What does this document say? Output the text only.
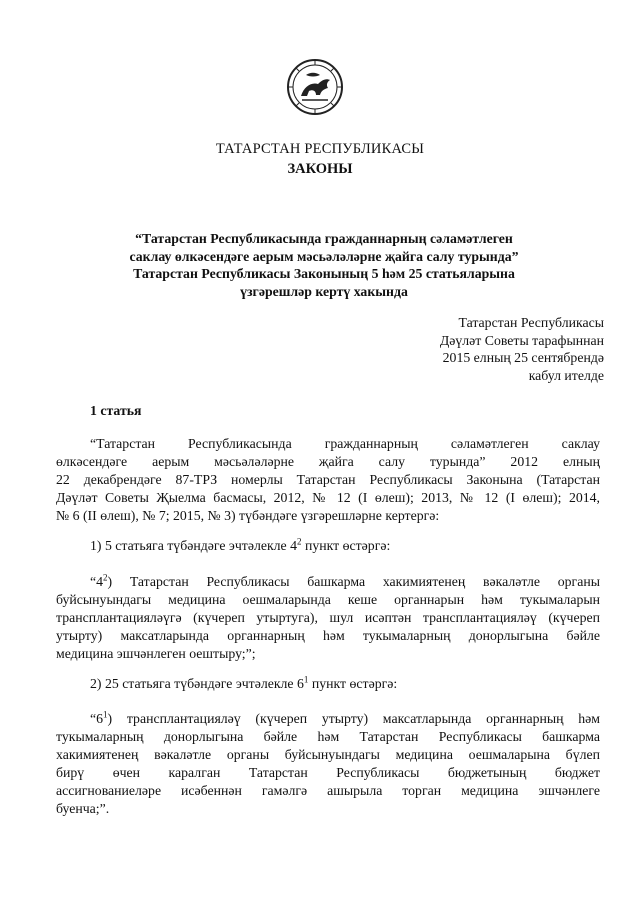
ТАТАРСТАН РЕСПУБЛИКАСЫ
ЗАКОНЫ
“Татарстан Республикасында гражданнарның сәламәтлеген
саклау өлкәсендәге аерым мәсьәләләрне җайга салу турында”
Татарстан Республикасы Законының 5 һәм 25 статьяларына
үзгәрешләр кертү хакында
Татарстан Республикасы
Дәүләт Советы тарафыннан
2015 елның 25 сентябрендә
кабул ителде
1 статья
“Татарстан Республикасында гражданнарның сәламәтлеген саклау
өлкәсендәге аерым мәсьәләләрне җайга салу турында” 2012 елның
22 декабрендәге 87-ТРЗ номерлы Татарстан Республикасы Законына (Татарстан
Дәүләт Советы Җыелма басмасы, 2012, № 12 (I өлеш); 2013, № 12 (I өлеш); 2014,
№ 6 (II өлеш), № 7; 2015, № 3) түбәндәге үзгәрешләрне кертергә:
1) 5 статьяга түбәндәге эчтәлекле $4^2$ пункт өстәргә:
“$4^2$) Татарстан Республикасы башкарма хакимиятенең вәкаләтле органы
буйсынуындагы медицина оешмаларында кеше органнарын һәм тукымаларын
трансплантацияләүгә (күчереп утыртуга), шул исәптән трансплантацияләү (күчереп
утырту) максатларында органнарның һәм тукымаларның донорлыгына бәйле
медицина эшчәнлеген оештыру;”;
2) 25 статьяга түбәндәге эчтәлекле $6^1$ пункт өстәргә:
“$6^1$) трансплантацияләү (күчереп утырту) максатларында органнарның һәм
тукымаларның донорлыгына бәйле һәм Татарстан Республикасы башкарма
хакимиятенең вәкаләтле органы буйсынуындагы медицина оешмаларына бүлеп
бирү өчен каралган Татарстан Республикасы бюджетының бюджет
ассигнованиеләре исәбеннән гамәлгә ашырыла торган медицина эшчәнлеге
буенча;”.
